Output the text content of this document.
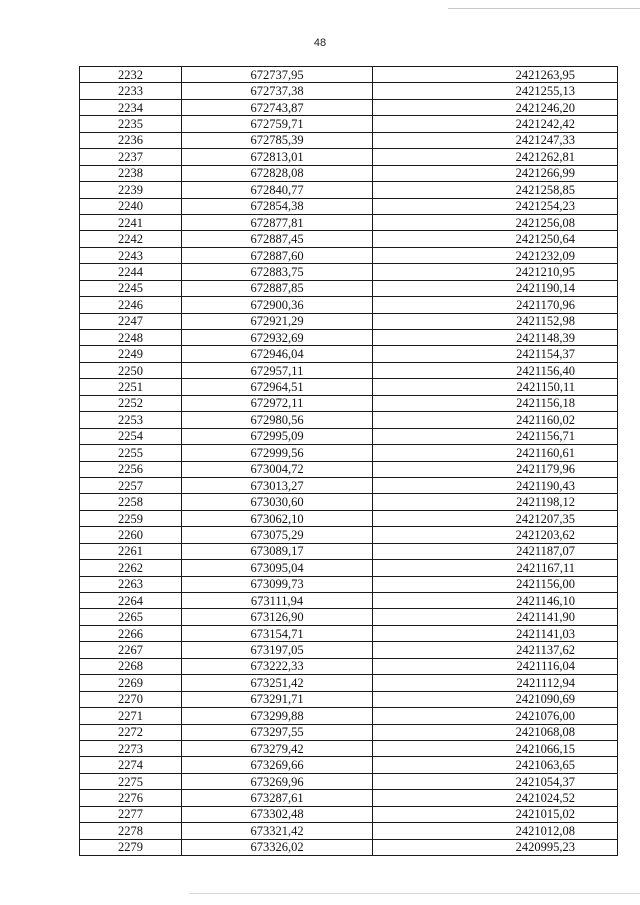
48
2232	672737,95	2421263,95
2233	672737,38	2421255,13
2234	672743,87	2421246,20
2235	672759,71	2421242,42
2236	672785,39	2421247,33
2237	672813,01	2421262,81
2238	672828,08	2421266,99
2239	672840,77	2421258,85
2240	672854,38	2421254,23
2241	672877,81	2421256,08
2242	672887,45	2421250,64
2243	672887,60	2421232,09
2244	672883,75	2421210,95
2245	672887,85	2421190,14
2246	672900,36	2421170,96
2247	672921,29	2421152,98
2248	672932,69	2421148,39
2249	672946,04	2421154,37
2250	672957,11	2421156,40
2251	672964,51	2421150,11
2252	672972,11	2421156,18
2253	672980,56	2421160,02
2254	672995,09	2421156,71
2255	672999,56	2421160,61
2256	673004,72	2421179,96
2257	673013,27	2421190,43
2258	673030,60	2421198,12
2259	673062,10	2421207,35
2260	673075,29	2421203,62
2261	673089,17	2421187,07
2262	673095,04	2421167,11
2263	673099,73	2421156,00
2264	673111,94	2421146,10
2265	673126,90	2421141,90
2266	673154,71	2421141,03
2267	673197,05	2421137,62
2268	673222,33	2421116,04
2269	673251,42	2421112,94
2270	673291,71	2421090,69
2271	673299,88	2421076,00
2272	673297,55	2421068,08
2273	673279,42	2421066,15
2274	673269,66	2421063,65
2275	673269,96	2421054,37
2276	673287,61	2421024,52
2277	673302,48	2421015,02
2278	673321,42	2421012,08
2279	673326,02	2420995,23
